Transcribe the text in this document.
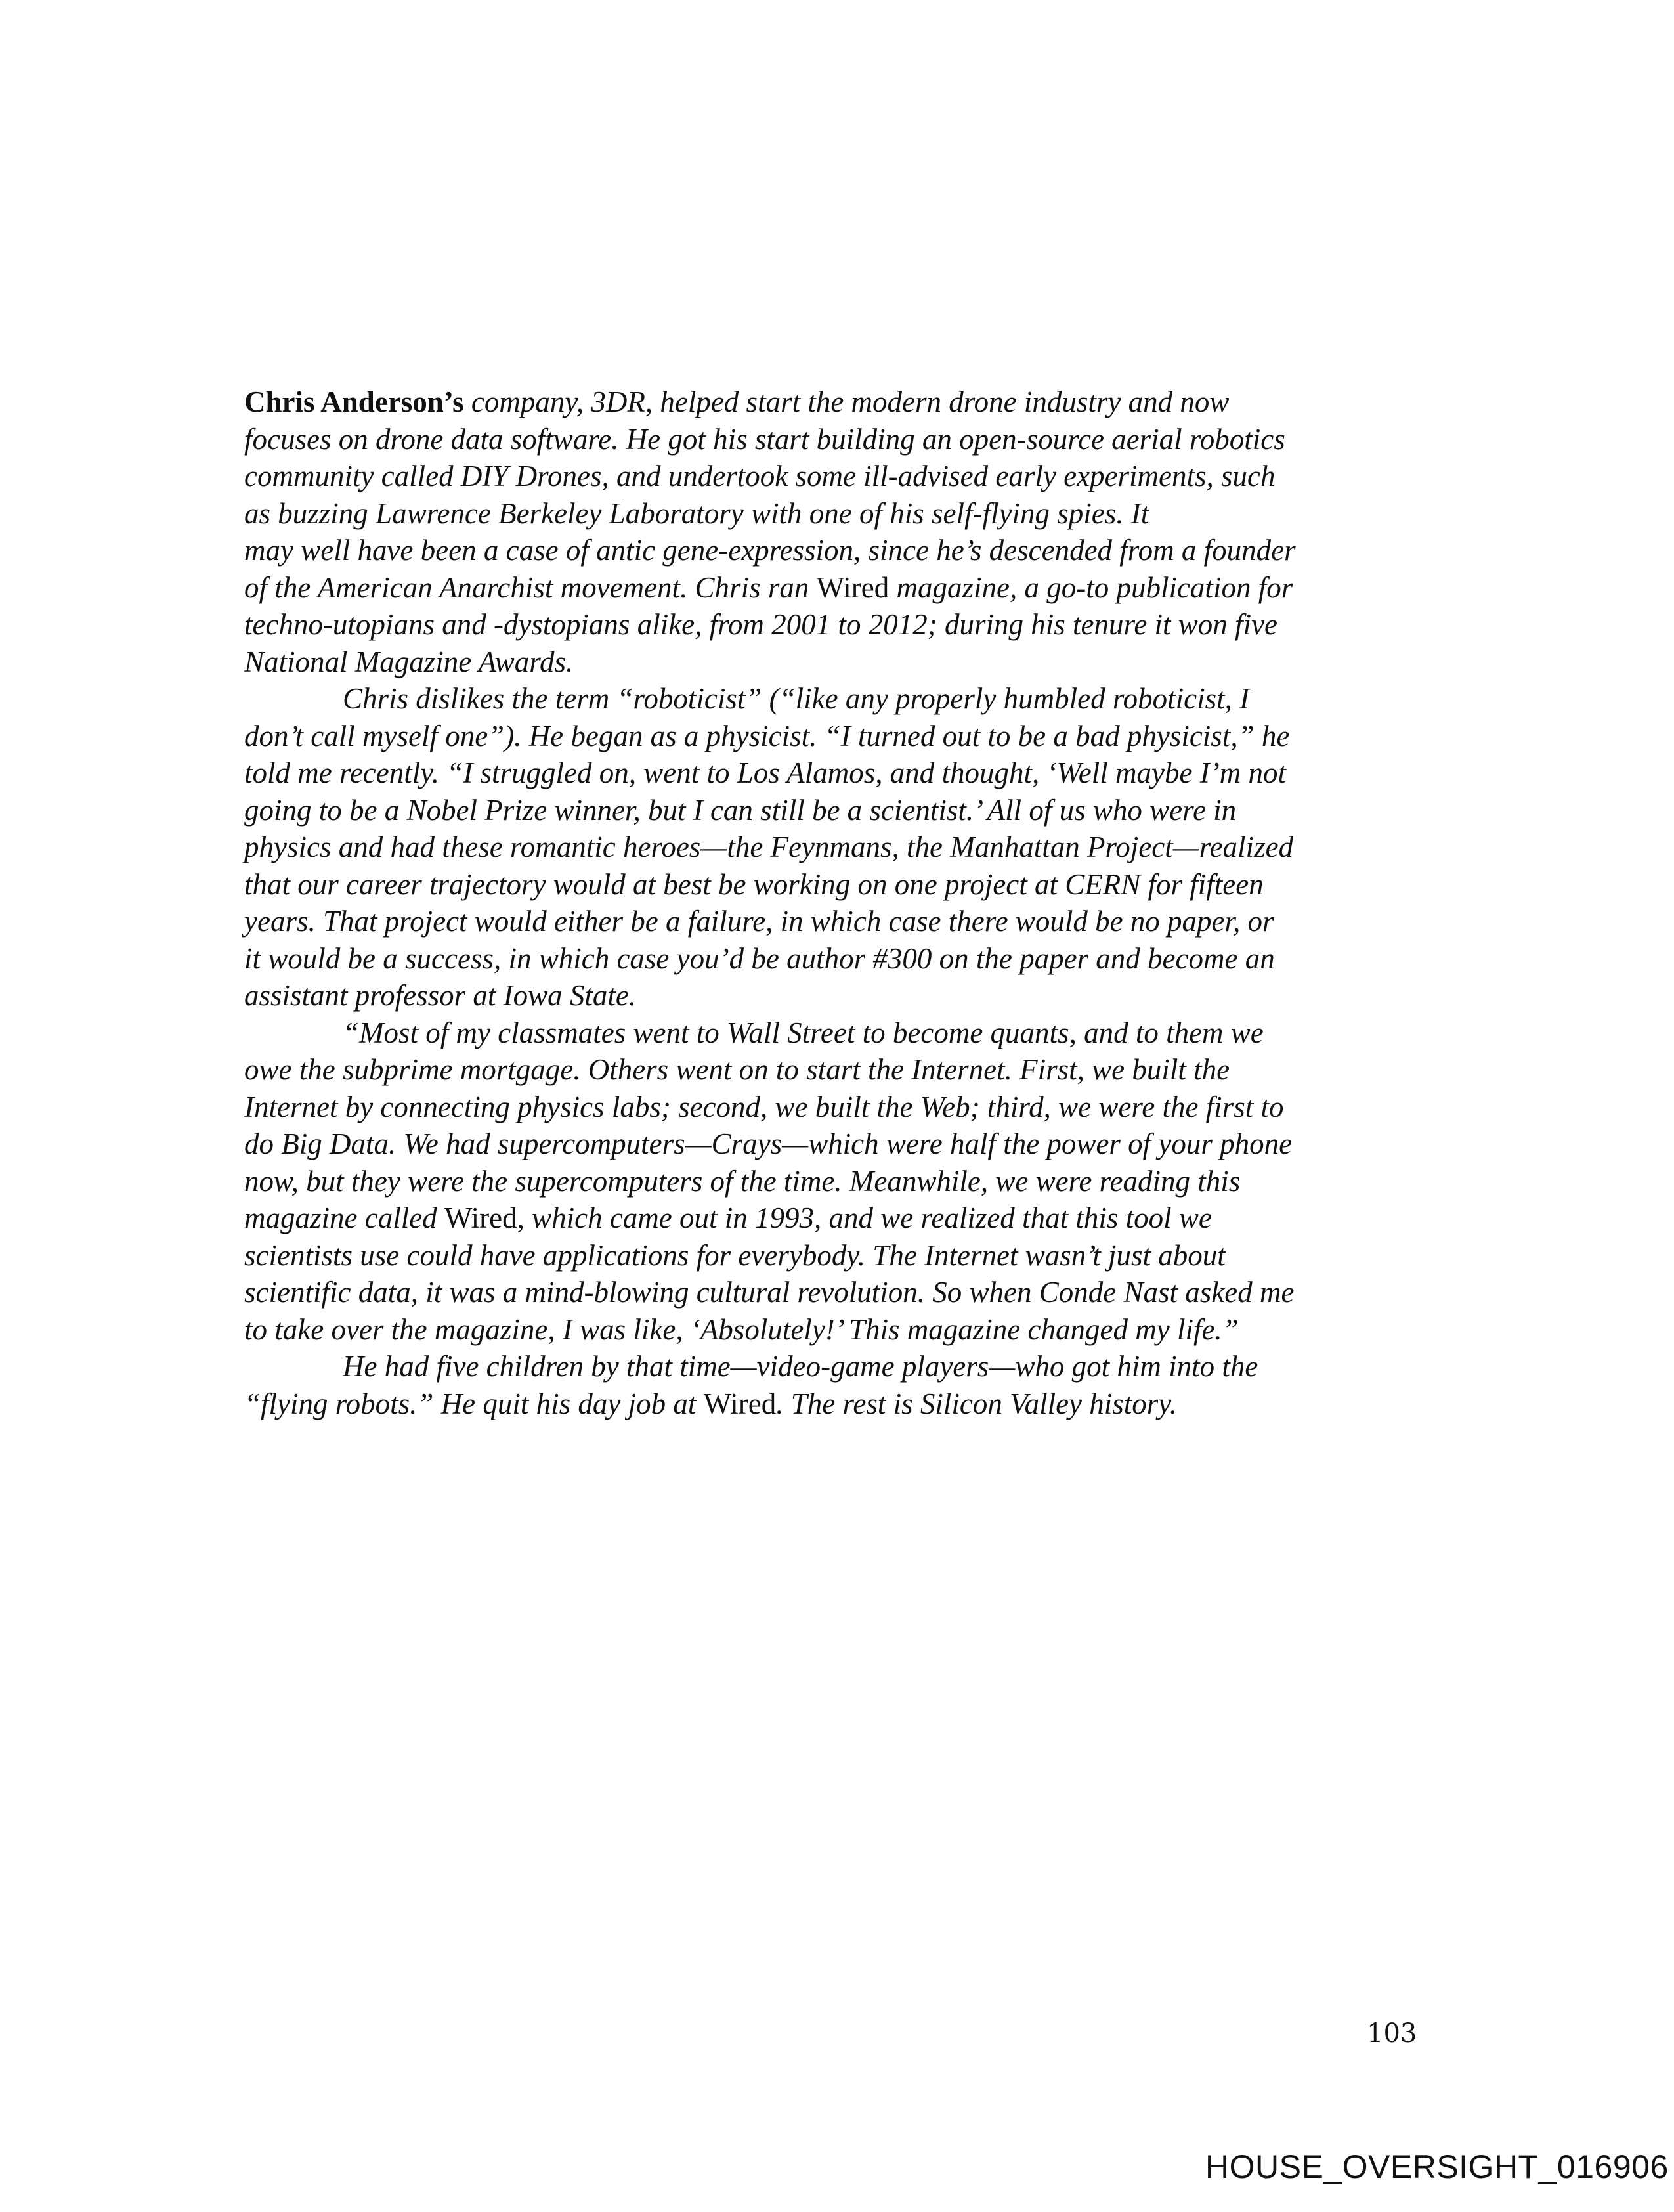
Chris Anderson’s company, 3DR, helped start the modern drone industry and now
focuses on drone data software. He got his start building an open-source aerial robotics
community called DIY Drones, and undertook some ill-advised early experiments, such
as buzzing Lawrence Berkeley Laboratory with one of his self-flying spies. It
may well have been a case of antic gene-expression, since he’s descended from a founder
of the American Anarchist movement. Chris ran Wired magazine, a go-to publication for
techno-utopians and -dystopians alike, from 2001 to 2012; during his tenure it won five
National Magazine Awards.
Chris dislikes the term “roboticist” (“like any properly humbled roboticist, I
don’t call myself one”). He began as a physicist. “I turned out to be a bad physicist,” he
told me recently. “I struggled on, went to Los Alamos, and thought, ‘Well maybe I’m not
going to be a Nobel Prize winner, but I can still be a scientist.’ All of us who were in
physics and had these romantic heroes—the Feynmans, the Manhattan Project—realized
that our career trajectory would at best be working on one project at CERN for fifteen
years. That project would either be a failure, in which case there would be no paper, or
it would be a success, in which case you’d be author #300 on the paper and become an
assistant professor at Iowa State.
“Most of my classmates went to Wall Street to become quants, and to them we
owe the subprime mortgage. Others went on to start the Internet. First, we built the
Internet by connecting physics labs; second, we built the Web; third, we were the first to
do Big Data. We had supercomputers—Crays—which were half the power of your phone
now, but they were the supercomputers of the time. Meanwhile, we were reading this
magazine called Wired, which came out in 1993, and we realized that this tool we
scientists use could have applications for everybody. The Internet wasn’t just about
scientific data, it was a mind-blowing cultural revolution. So when Conde Nast asked me
to take over the magazine, I was like, ‘Absolutely!’ This magazine changed my life.”
He had five children by that time—video-game players—who got him into the
“flying robots.” He quit his day job at Wired. The rest is Silicon Valley history.
103
HOUSE_OVERSIGHT_016906
